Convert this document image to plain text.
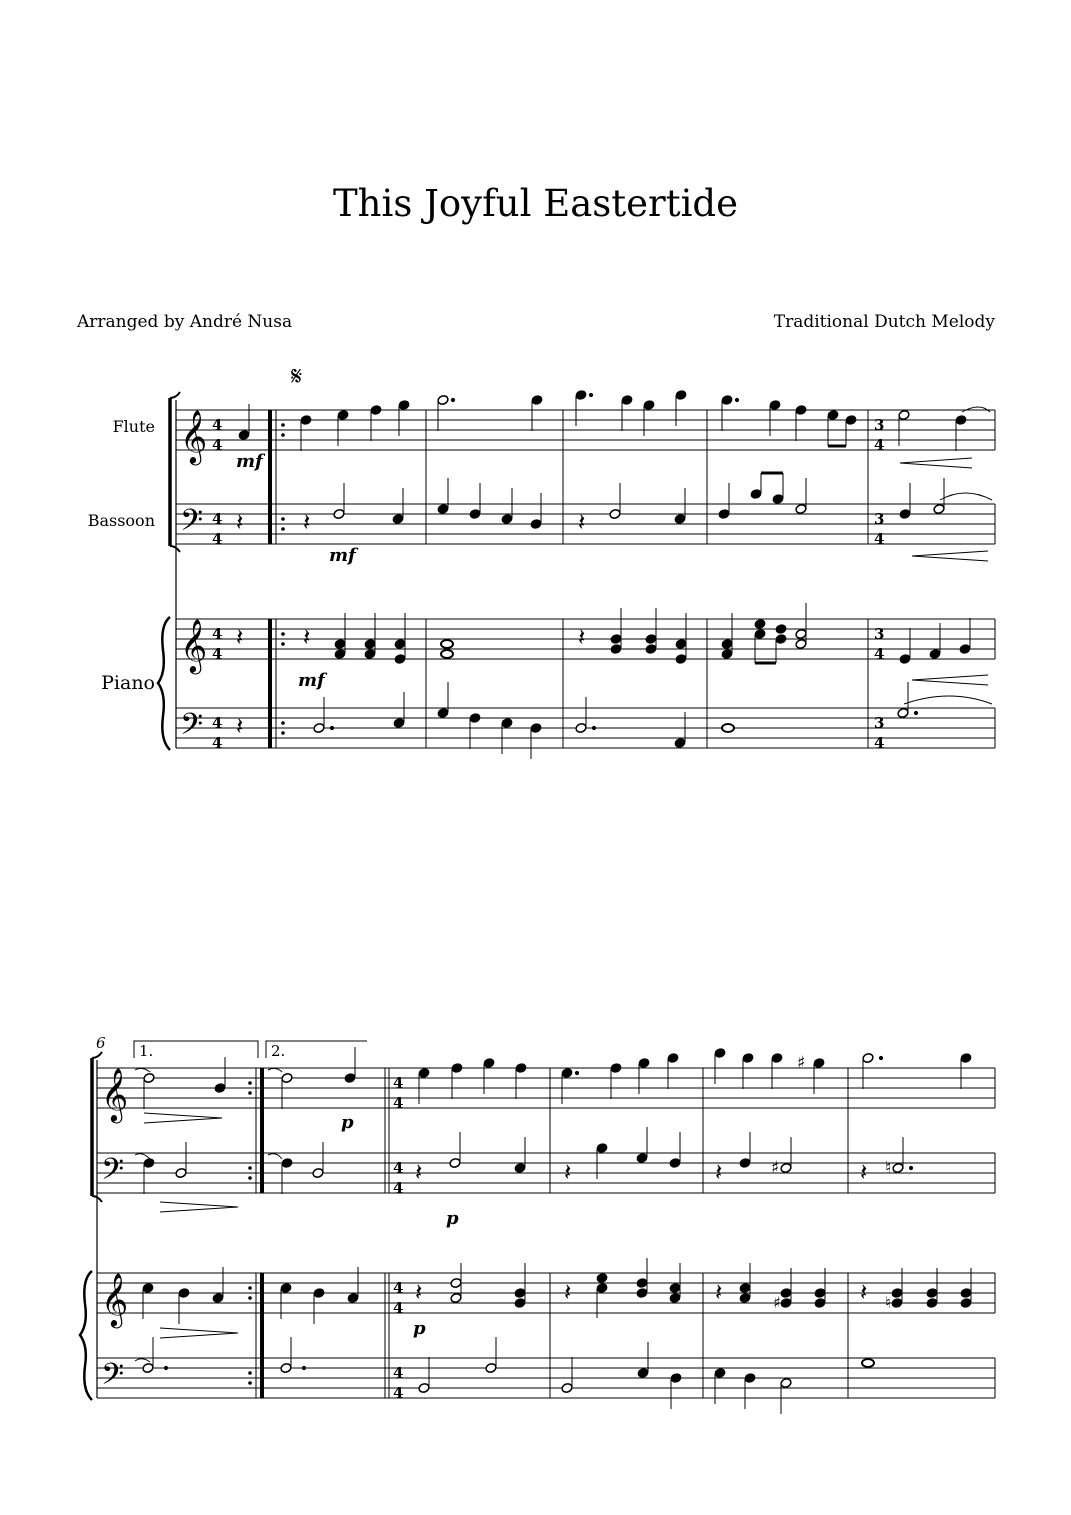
This Joyful Eastertide
Arranged by André Nusa	Traditional Dutch Melody
Flute
Bassoon
Piano
𝄞
𝄢
𝄞
𝄢
4
4
4
4
4
4
4
4
3
4
3
4
3
4
3
4
𝄋
mf
mf
mf
𝄽 𝄽	𝄽
𝄽 𝄽	𝄽
𝄽
6 1.	2.
𝄞
𝄢
𝄞
𝄢
4
4
4
4
4
4
4
4
p
p
p
♯
♯	♮
𝄽	𝄽	𝄽	𝄽
𝄽	𝄽	𝄽	𝄽
♯	♮
